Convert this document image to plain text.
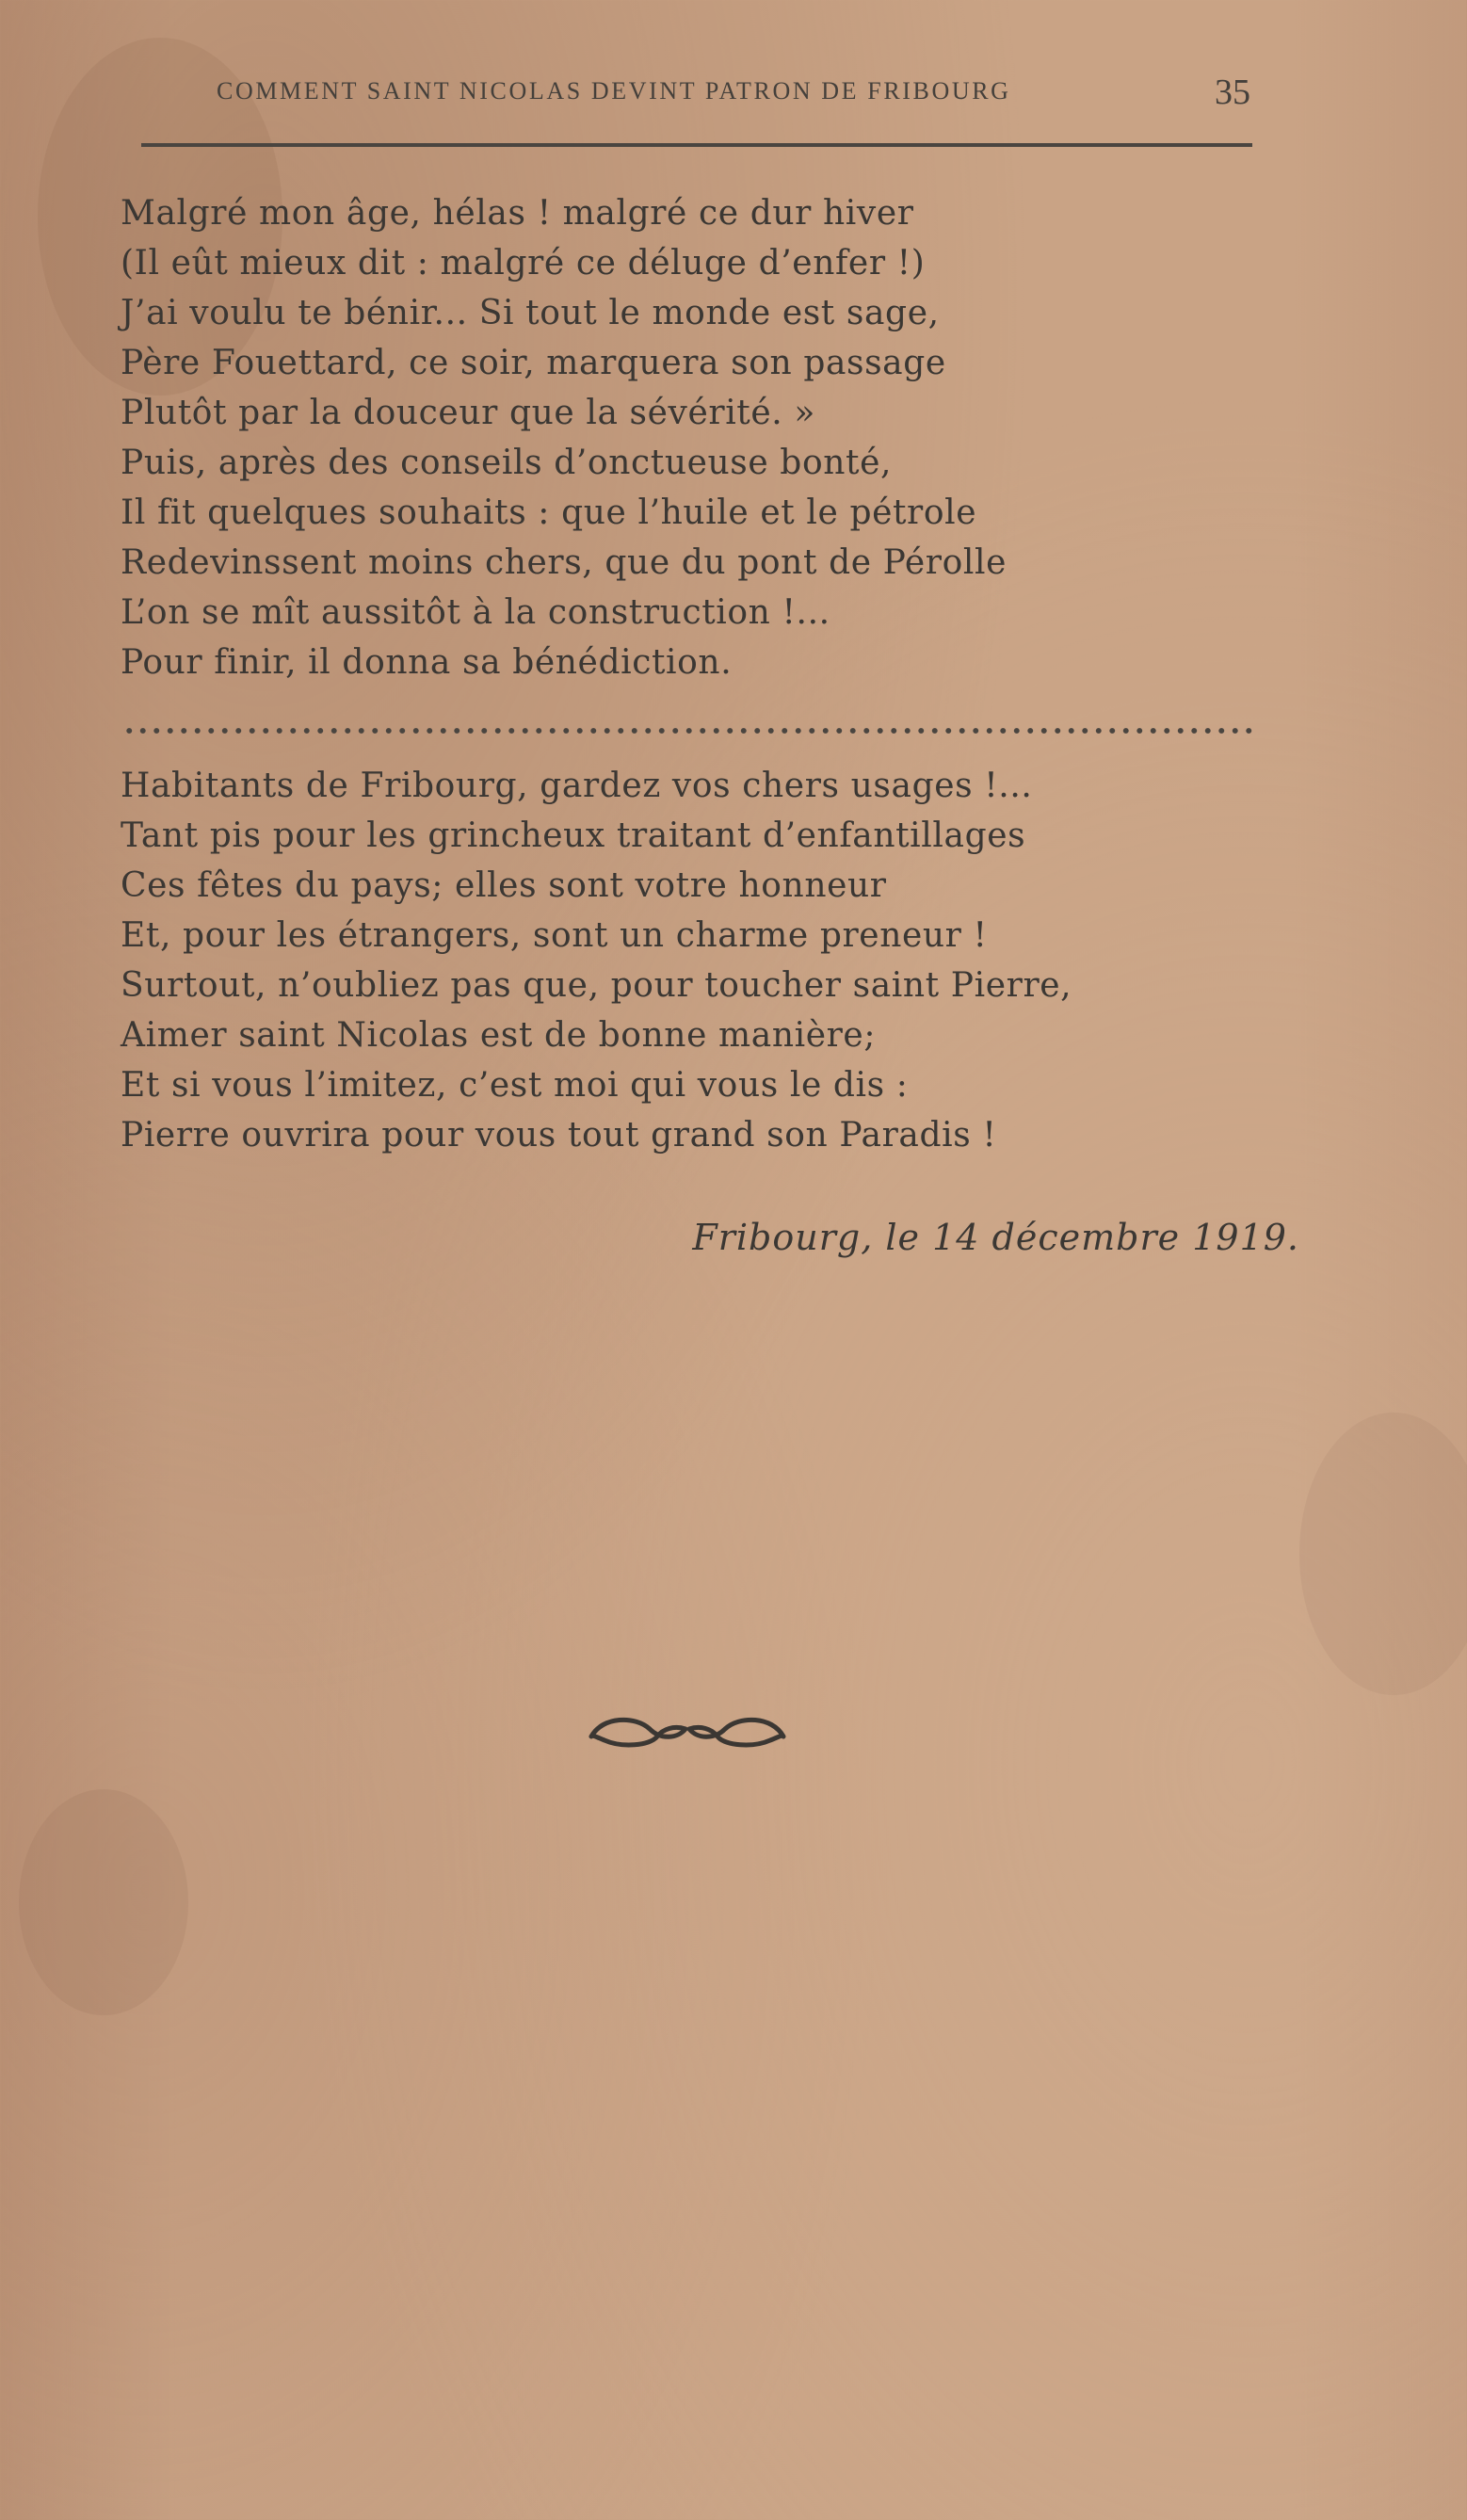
COMMENT SAINT NICOLAS DEVINT PATRON DE FRIBOURG	35
Malgré mon âge, hélas ! malgré ce dur hiver
(Il eût mieux dit : malgré ce déluge d’enfer !)
J’ai voulu te bénir... Si tout le monde est sage,
Père Fouettard, ce soir, marquera son passage
Plutôt par la douceur que la sévérité. »
Puis, après des conseils d’onctueuse bonté,
Il fit quelques souhaits : que l’huile et le pétrole
Redevinssent moins chers, que du pont de Pérolle
L’on se mît aussitôt à la construction !...
Pour finir, il donna sa bénédiction.
Habitants de Fribourg, gardez vos chers usages !...
Tant pis pour les grincheux traitant d’enfantillages
Ces fêtes du pays; elles sont votre honneur
Et, pour les étrangers, sont un charme preneur !
Surtout, n’oubliez pas que, pour toucher saint Pierre,
Aimer saint Nicolas est de bonne manière;
Et si vous l’imitez, c’est moi qui vous le dis :
Pierre ouvrira pour vous tout grand son Paradis !
Fribourg, le 14 décembre 1919.
